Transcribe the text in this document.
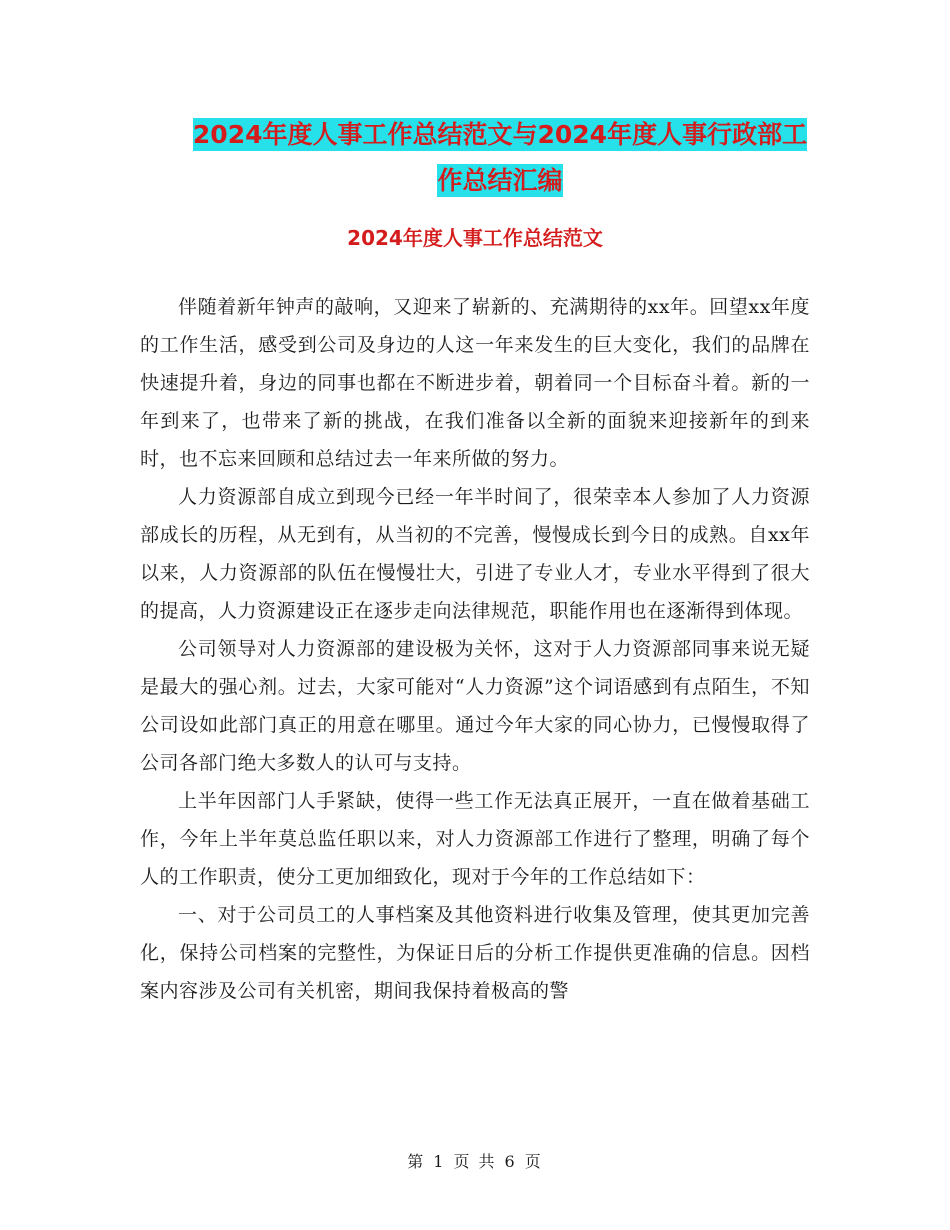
2024年度人事工作总结范文与2024年度人事行政部工
作总结汇编
2024年度人事工作总结范文

伴随着新年钟声的敲响，又迎来了崭新的、充满期待的xx年。回望xx年度的工作生活，感受到公司及身边的人这一年来发生的巨大变化，我们的品牌在快速提升着，身边的同事也都在不断进步着，朝着同一个目标奋斗着。新的一年到来了，也带来了新的挑战，在我们准备以全新的面貌来迎接新年的到来时，也不忘来回顾和总结过去一年来所做的努力。

人力资源部自成立到现今已经一年半时间了，很荣幸本人参加了人力资源部成长的历程，从无到有，从当初的不完善，慢慢成长到今日的成熟。自xx年以来，人力资源部的队伍在慢慢壮大，引进了专业人才，专业水平得到了很大的提高，人力资源建设正在逐步走向法律规范，职能作用也在逐渐得到体现。

公司领导对人力资源部的建设极为关怀，这对于人力资源部同事来说无疑是最大的强心剂。过去，大家可能对“人力资源”这个词语感到有点陌生，不知公司设如此部门真正的用意在哪里。通过今年大家的同心协力，已慢慢取得了公司各部门绝大多数人的认可与支持。

上半年因部门人手紧缺，使得一些工作无法真正展开，一直在做着基础工作，今年上半年莫总监任职以来，对人力资源部工作进行了整理，明确了每个人的工作职责，使分工更加细致化，现对于今年的工作总结如下：

一、对于公司员工的人事档案及其他资料进行收集及管理，使其更加完善化，保持公司档案的完整性，为保证日后的分析工作提供更准确的信息。因档案内容涉及公司有关机密，期间我保持着极高的警

第 1 页 共 6 页
